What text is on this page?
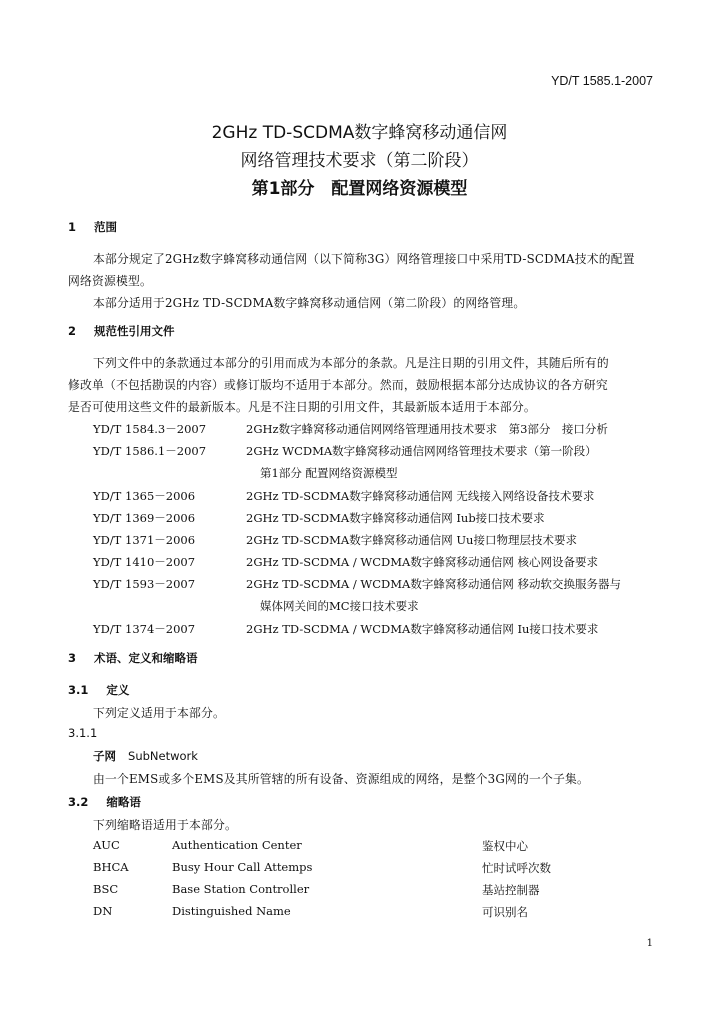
YD/T 1585.1-2007
2GHz TD-SCDMA数字蜂窝移动通信网
网络管理技术要求（第二阶段）
第1部分　配置网络资源模型
1 范围
本部分规定了2GHz数字蜂窝移动通信网（以下简称3G）网络管理接口中采用TD-SCDMA技术的配置
网络资源模型。
本部分适用于2GHz TD-SCDMA数字蜂窝移动通信网（第二阶段）的网络管理。
2 规范性引用文件
下列文件中的条款通过本部分的引用而成为本部分的条款。凡是注日期的引用文件，其随后所有的
修改单（不包括勘误的内容）或修订版均不适用于本部分。然而，鼓励根据本部分达成协议的各方研究
是否可使用这些文件的最新版本。凡是不注日期的引用文件，其最新版本适用于本部分。
YD/T 1584.3－2007	2GHz数字蜂窝移动通信网网络管理通用技术要求　第3部分　接口分析
YD/T 1586.1－2007	2GHz WCDMA数字蜂窝移动通信网网络管理技术要求（第一阶段）
第1部分 配置网络资源模型
YD/T 1365－2006	2GHz TD-SCDMA数字蜂窝移动通信网 无线接入网络设备技术要求
YD/T 1369－2006	2GHz TD-SCDMA数字蜂窝移动通信网 Iub接口技术要求
YD/T 1371－2006	2GHz TD-SCDMA数字蜂窝移动通信网 Uu接口物理层技术要求
YD/T 1410－2007	2GHz TD-SCDMA / WCDMA数字蜂窝移动通信网 核心网设备要求
YD/T 1593－2007	2GHz TD-SCDMA / WCDMA数字蜂窝移动通信网 移动软交换服务器与
媒体网关间的MC接口技术要求
YD/T 1374－2007	2GHz TD-SCDMA / WCDMA数字蜂窝移动通信网 Iu接口技术要求
3 术语、定义和缩略语
3.1 定义
下列定义适用于本部分。
3.1.1
子网 SubNetwork
由一个EMS或多个EMS及其所管辖的所有设备、资源组成的网络，是整个3G网的一个子集。
3.2 缩略语
下列缩略语适用于本部分。
AUC	Authentication Center	鉴权中心
BHCA	Busy Hour Call Attemps	忙时试呼次数
BSC	Base Station Controller	基站控制器
DN	Distinguished Name	可识别名
1
